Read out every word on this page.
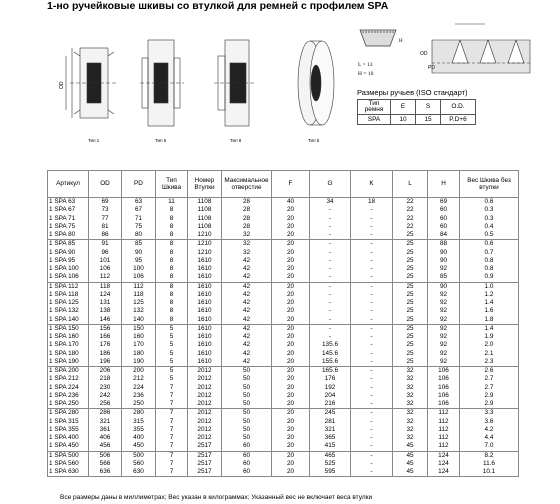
1-но ручейковые шкивы со втулкой для ремней с профилем SPA
OD
Тип 1	Тип 6	Тип 8	Тип 5
H
L = 13
H = 10
OD
PD
Размеры ручьев (ISO стандарт)
Тип ремня	E	S	O.D.
SPA	10	15	P.D+6
Артикул	OD	PD	Тип Шкива	Номер Втулки	Максимальное отверстие	F	G	K	L	H	Вес Шкива без втулки
1 SPA 63	69	63	11	1108	28	40	34	18	22	69	0.6
1 SPA 67	73	67	8	1108	28	20	-	-	22	60	0.3
1 SPA 71	77	71	8	1108	28	20	-	-	22	60	0.3
1 SPA 75	81	75	8	1108	28	20	-	-	22	60	0.4
1 SPA 80	86	80	8	1210	32	20	-	-	25	84	0.5
1 SPA 85	91	85	8	1210	32	20	-	-	25	88	0.6
1 SPA 90	96	90	8	1210	32	20	-	-	25	90	0.7
1 SPA 95	101	95	8	1610	42	20	-	-	25	90	0.8
1 SPA 100	106	100	8	1610	42	20	-	-	25	92	0.8
1 SPA 106	112	106	8	1610	42	20	-	-	25	85	0.9
1 SPA 112	118	112	8	1610	42	20	-	-	25	90	1.0
1 SPA 118	124	118	8	1610	42	20	-	-	25	92	1.2
1 SPA 125	131	125	8	1610	42	20	-	-	25	92	1.4
1 SPA 132	138	132	8	1610	42	20	-	-	25	92	1.6
1 SPA 140	146	140	8	1610	42	20	-	-	25	92	1.8
1 SPA 150	156	150	5	1610	42	20	-	-	25	92	1.4
1 SPA 160	166	160	5	1610	42	20	-	-	25	92	1.9
1 SPA 170	176	170	5	1610	42	20	135.6	-	25	92	2.0
1 SPA 180	186	180	5	1610	42	20	145.6	-	25	92	2.1
1 SPA 190	196	190	5	1610	42	20	155.6	-	25	92	2.3
1 SPA 200	206	200	5	2012	50	20	165.6	-	32	106	2.6
1 SPA 212	218	212	5	2012	50	20	176	-	32	106	2.7
1 SPA 224	230	224	7	2012	50	20	192	-	32	106	2.7
1 SPA 236	242	236	7	2012	50	20	204	-	32	106	2.9
1 SPA 250	256	250	7	2012	50	20	216	-	32	106	2.9
1 SPA 280	286	280	7	2012	50	20	245	-	32	112	3.3
1 SPA 315	321	315	7	2012	50	20	281	-	32	112	3.6
1 SPA 355	361	355	7	2012	50	20	321	-	32	112	4.2
1 SPA 400	406	400	7	2012	50	20	365	-	32	112	4.4
1 SPA 450	456	450	7	2517	60	20	415	-	45	112	7.0
1 SPA 500	506	500	7	2517	60	20	465	-	45	124	8.2
1 SPA 560	566	560	7	2517	60	20	525	-	45	124	11.6
1 SPA 630	636	630	7	2517	60	20	595	-	45	124	10.1
Все размеры даны в миллиметрах; Вес указан в килограммах; Указанный вес не включает веса втулки
